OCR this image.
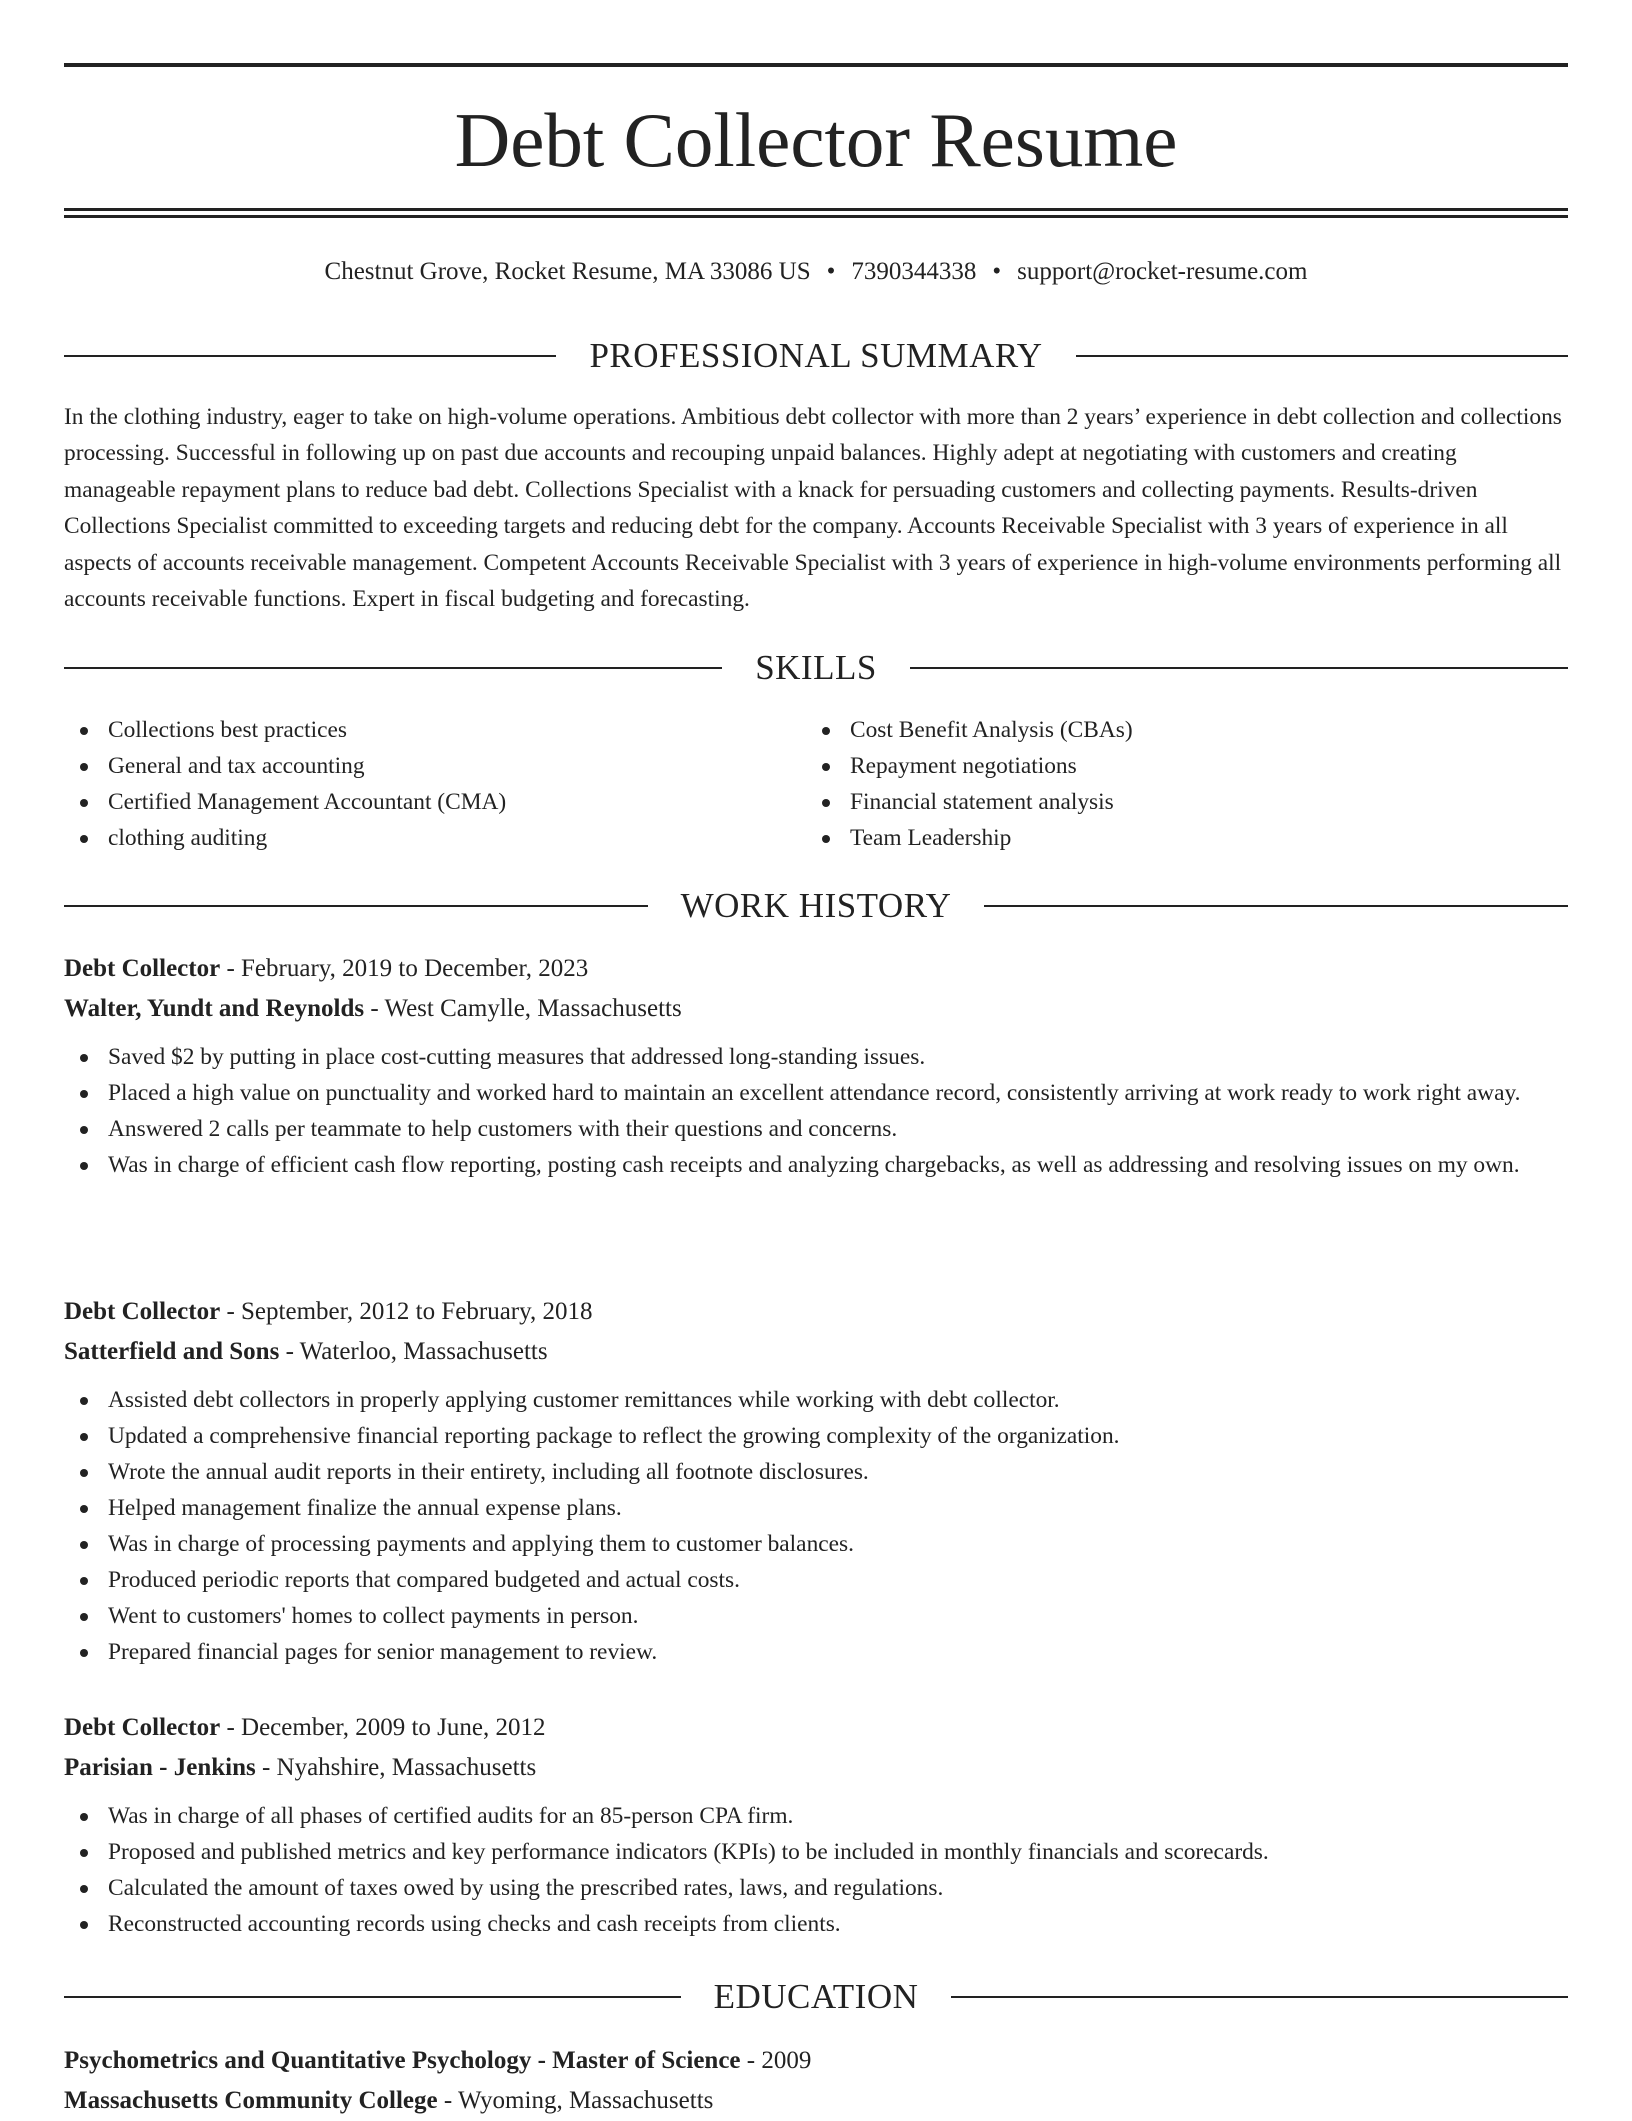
Debt Collector Resume
Chestnut Grove, Rocket Resume, MA 33086 US • 7390344338 • support@rocket-resume.com
PROFESSIONAL SUMMARY

In the clothing industry, eager to take on high-volume operations. Ambitious debt collector with more than 2 years’ experience in debt collection and collections processing. Successful in following up on past due accounts and recouping unpaid balances. Highly adept at negotiating with customers and creating manageable repayment plans to reduce bad debt. Collections Specialist with a knack for persuading customers and collecting payments. Results-driven Collections Specialist committed to exceeding targets and reducing debt for the company. Accounts Receivable Specialist with 3 years of experience in all aspects of accounts receivable management. Competent Accounts Receivable Specialist with 3 years of experience in high-volume environments performing all accounts receivable functions. Expert in fiscal budgeting and forecasting.

SKILLS
Collections best practices
General and tax accounting
Certified Management Accountant (CMA)
clothing auditing
Cost Benefit Analysis (CBAs)
Repayment negotiations
Financial statement analysis
Team Leadership
WORK HISTORY
Debt Collector - February, 2019 to December, 2023
Walter, Yundt and Reynolds - West Camylle, Massachusetts
Saved $2 by putting in place cost-cutting measures that addressed long-standing issues.
Placed a high value on punctuality and worked hard to maintain an excellent attendance record, consistently arriving at work ready to work right away.
Answered 2 calls per teammate to help customers with their questions and concerns.
Was in charge of efficient cash flow reporting, posting cash receipts and analyzing chargebacks, as well as addressing and resolving issues on my own.
Debt Collector - September, 2012 to February, 2018
Satterfield and Sons - Waterloo, Massachusetts
Assisted debt collectors in properly applying customer remittances while working with debt collector.
Updated a comprehensive financial reporting package to reflect the growing complexity of the organization.
Wrote the annual audit reports in their entirety, including all footnote disclosures.
Helped management finalize the annual expense plans.
Was in charge of processing payments and applying them to customer balances.
Produced periodic reports that compared budgeted and actual costs.
Went to customers' homes to collect payments in person.
Prepared financial pages for senior management to review.
Debt Collector - December, 2009 to June, 2012
Parisian - Jenkins - Nyahshire, Massachusetts
Was in charge of all phases of certified audits for an 85-person CPA firm.
Proposed and published metrics and key performance indicators (KPIs) to be included in monthly financials and scorecards.
Calculated the amount of taxes owed by using the prescribed rates, laws, and regulations.
Reconstructed accounting records using checks and cash receipts from clients.
EDUCATION
Psychometrics and Quantitative Psychology - Master of Science - 2009
Massachusetts Community College - Wyoming, Massachusetts
